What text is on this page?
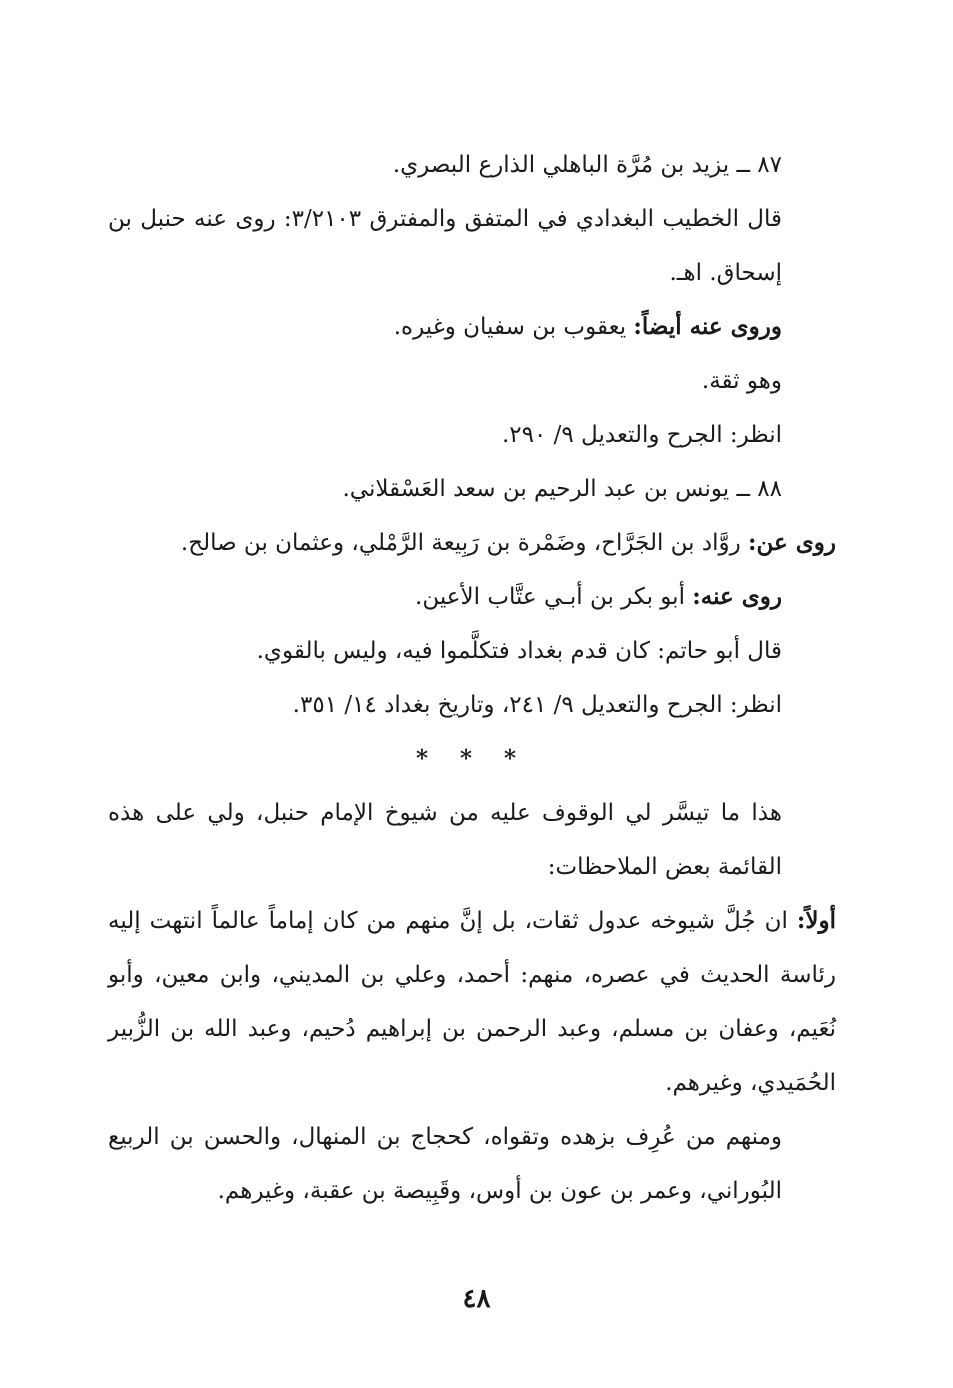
٨٧ ــ يزيد بن مُرَّة الباهلي الذارع البصري.

قال الخطيب البغدادي في المتفق والمفترق ٣/٢١٠٣: روى عنه حنبل بن إسحاق. اهـ.

وروى عنه أيضاً: يعقوب بن سفيان وغيره.

وهو ثقة.

انظر: الجرح والتعديل ٩/ ٢٩٠.

٨٨ ــ يونس بن عبد الرحيم بن سعد العَسْقلاني.

روى عن: روَّاد بن الجَرَّاح، وضَمْرة بن رَبِيعة الرَّمْلي، وعثمان بن صالح.

روى عنه: أبو بكر بن أبـي عتَّاب الأعين.

قال أبو حاتم: كان قدم بغداد فتكلَّموا فيه، وليس بالقوي.

انظر: الجرح والتعديل ٩/ ٢٤١، وتاريخ بغداد ١٤/ ٣٥١.

* * *

هذا ما تيسَّر لي الوقوف عليه من شيوخ الإمام حنبل، ولي على هذه القائمة بعض الملاحظات:

أولاً: ان جُلَّ شيوخه عدول ثقات، بل إنَّ منهم من كان إماماً عالماً انتهت إليه رئاسة الحديث في عصره، منهم: أحمد، وعلي بن المديني، وابن معين، وأبو نُعَيم، وعفان بن مسلم، وعبد الرحمن بن إبراهيم دُحيم، وعبد الله بن الزُّبير الحُمَيدي، وغيرهم.

ومنهم من عُرِف بزهده وتقواه، كحجاج بن المنهال، والحسن بن الربيع البُوراني، وعمر بن عون بن أوس، وقَبِيصة بن عقبة، وغيرهم.

٤٨
